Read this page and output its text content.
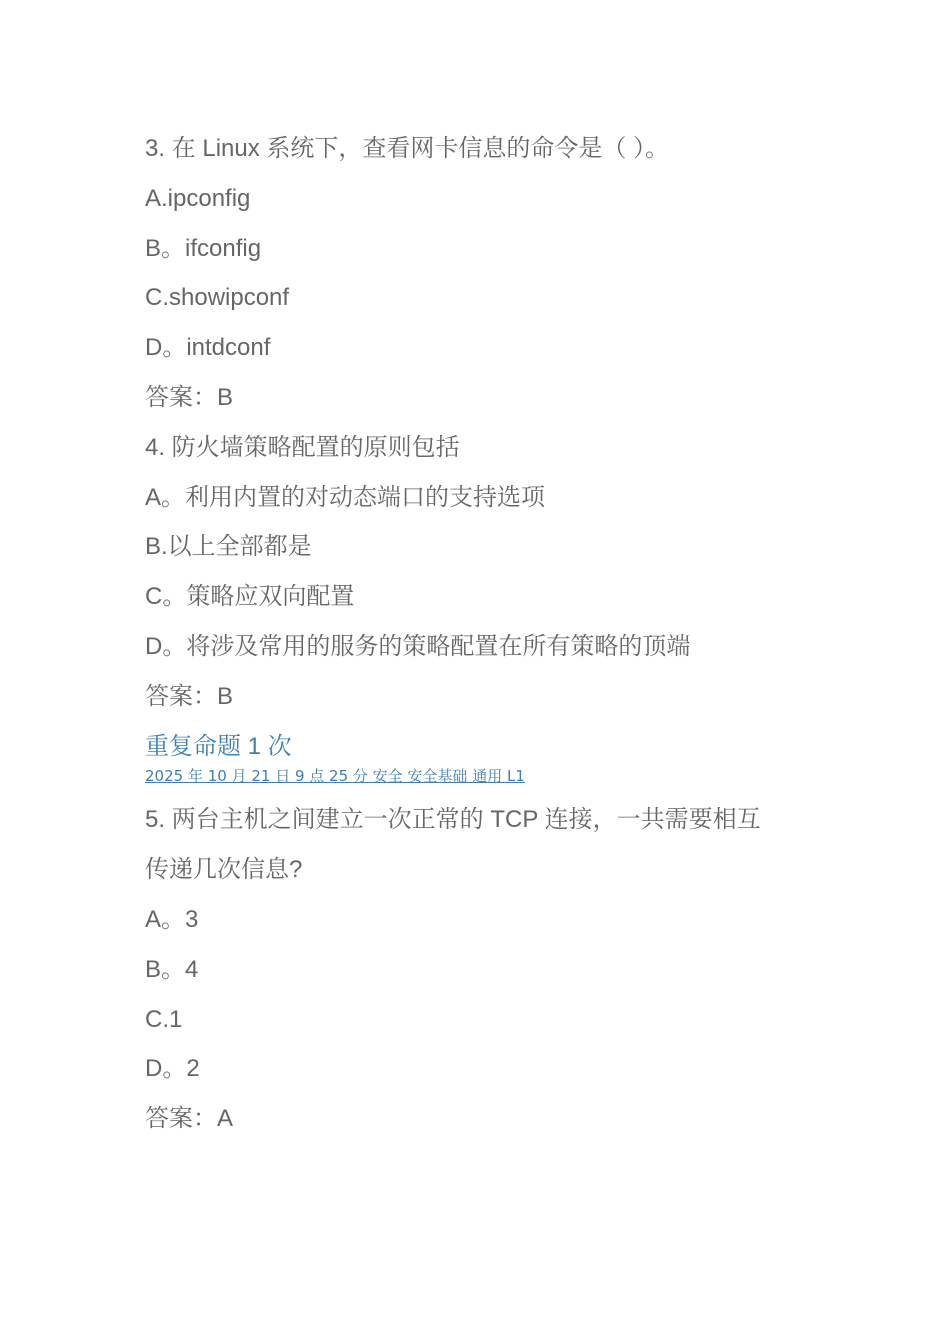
3. 在 Linux 系统下，查看网卡信息的命令是（ ）。
A.ipconfig
B。ifconfig
C.showipconf
D。intdconf
答案：B
4. 防火墙策略配置的原则包括
A。利用内置的对动态端口的支持选项
B.以上全部都是
C。策略应双向配置
D。将涉及常用的服务的策略配置在所有策略的顶端
答案：B
重复命题 1 次
2025 年 10 月 21 日 9 点 25 分 安全 安全基础 通用 L1
5. 两台主机之间建立一次正常的 TCP 连接，一共需要相互
传递几次信息?
A。3
B。4
C.1
D。2
答案：A
